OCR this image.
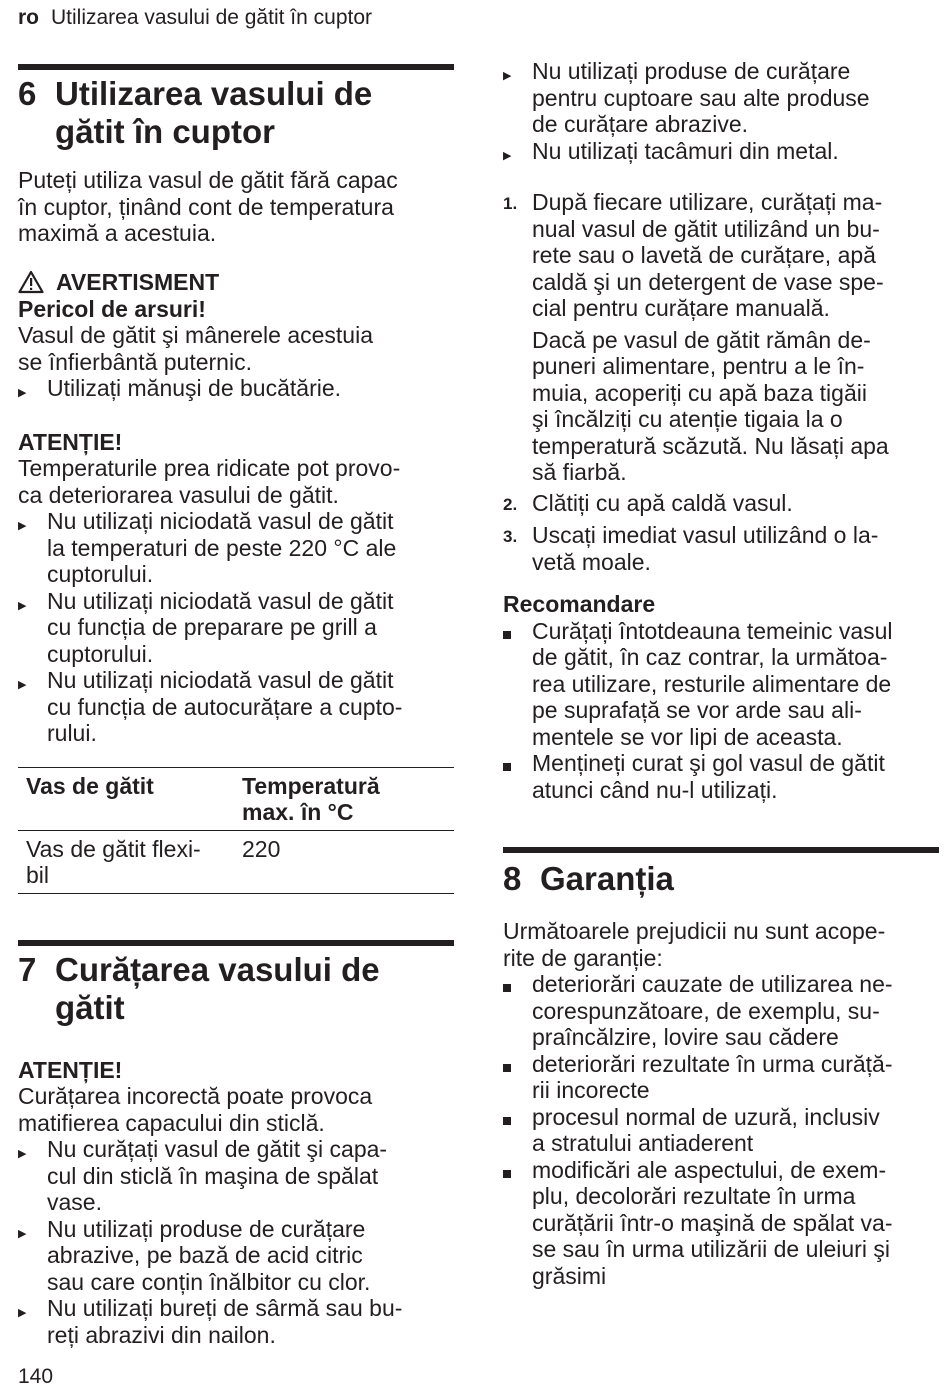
ro Utilizarea vasului de gătit în cuptor
6 Utilizarea vasului de
gătit în cuptor
Puteți utiliza vasul de gătit fără capac
în cuptor, ținând cont de temperatura
maximă a acestuia.
AVERTISMENT
Pericol de arsuri!
Vasul de gătit şi mânerele acestuia
se înfierbântă puternic.
▶ Utilizați mănuşi de bucătărie.
ATENȚIE!
Temperaturile prea ridicate pot provo-
ca deteriorarea vasului de gătit.
▶ Nu utilizați niciodată vasul de gătit
la temperaturi de peste 220 °C ale
cuptorului.
▶ Nu utilizați niciodată vasul de gătit
cu funcția de preparare pe grill a
cuptorului.
▶ Nu utilizați niciodată vasul de gătit
cu funcția de autocurățare a cupto-
rului.
Vas de gătit	Temperatură
max. în °C

Vas de gătit flexi-
bil	220
7 Curățarea vasului de
gătit
ATENȚIE!
Curățarea incorectă poate provoca
matifierea capacului din sticlă.
▶ Nu curățați vasul de gătit şi capa-
cul din sticlă în maşina de spălat
vase.
▶ Nu utilizați produse de curățare
abrazive, pe bază de acid citric
sau care conțin înălbitor cu clor.
▶ Nu utilizați bureți de sârmă sau bu-
reți abrazivi din nailon.
140
▶ Nu utilizați produse de curățare
pentru cuptoare sau alte produse
de curățare abrazive.
▶ Nu utilizați tacâmuri din metal.
1. După fiecare utilizare, curățați ma-
nual vasul de gătit utilizând un bu-
rete sau o lavetă de curățare, apă
caldă şi un detergent de vase spe-
cial pentru curățare manuală.
Dacă pe vasul de gătit rămân de-
puneri alimentare, pentru a le în-
muia, acoperiți cu apă baza tigăii
şi încălziți cu atenție tigaia la o
temperatură scăzută. Nu lăsați apa
să fiarbă.
2. Clătiți cu apă caldă vasul.
3. Uscați imediat vasul utilizând o la-
vetă moale.
Recomandare
Curățați întotdeauna temeinic vasul
de gătit, în caz contrar, la următoa-
rea utilizare, resturile alimentare de
pe suprafață se vor arde sau ali-
mentele se vor lipi de aceasta.
Mențineți curat şi gol vasul de gătit
atunci când nu-l utilizați.
8 Garanția
Următoarele prejudicii nu sunt acope-
rite de garanție:
deteriorări cauzate de utilizarea ne-
corespunzătoare, de exemplu, su-
praîncălzire, lovire sau cădere
deteriorări rezultate în urma curăță-
rii incorecte
procesul normal de uzură, inclusiv
a stratului antiaderent
modificări ale aspectului, de exem-
plu, decolorări rezultate în urma
curățării într-o maşină de spălat va-
se sau în urma utilizării de uleiuri şi
grăsimi
